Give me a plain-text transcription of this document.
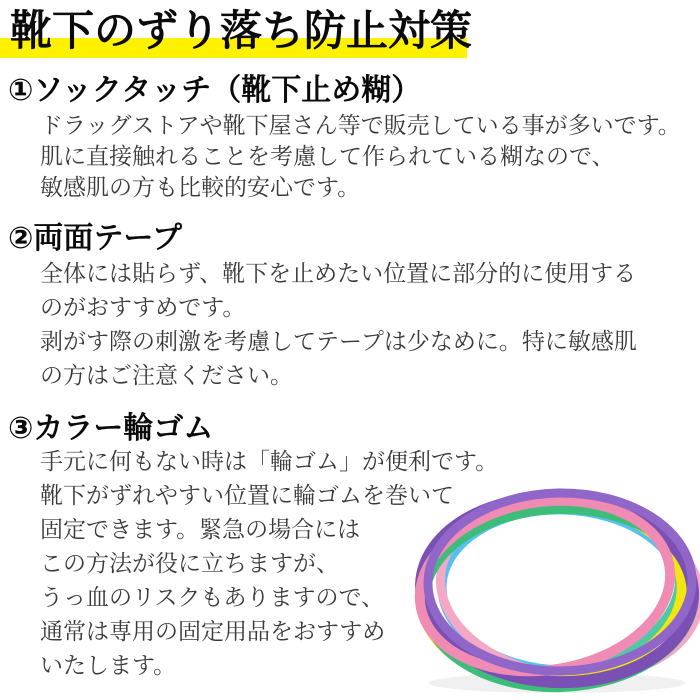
靴下のずり落ち防止対策
①ソックタッチ（靴下止め糊）
ドラッグストアや靴下屋さん等で販売している事が多いです。
肌に直接触れることを考慮して作られている糊なので、
敏感肌の方も比較的安心です。
②両面テープ
全体には貼らず、靴下を止めたい位置に部分的に使用する
のがおすすめです。
剥がす際の刺激を考慮してテープは少なめに。特に敏感肌
の方はご注意ください。
③カラー輪ゴム
手元に何もない時は「輪ゴム」が便利です。
靴下がずれやすい位置に輪ゴムを巻いて
固定できます。緊急の場合には
この方法が役に立ちますが、
うっ血のリスクもありますので、
通常は専用の固定用品をおすすめ
いたします。
